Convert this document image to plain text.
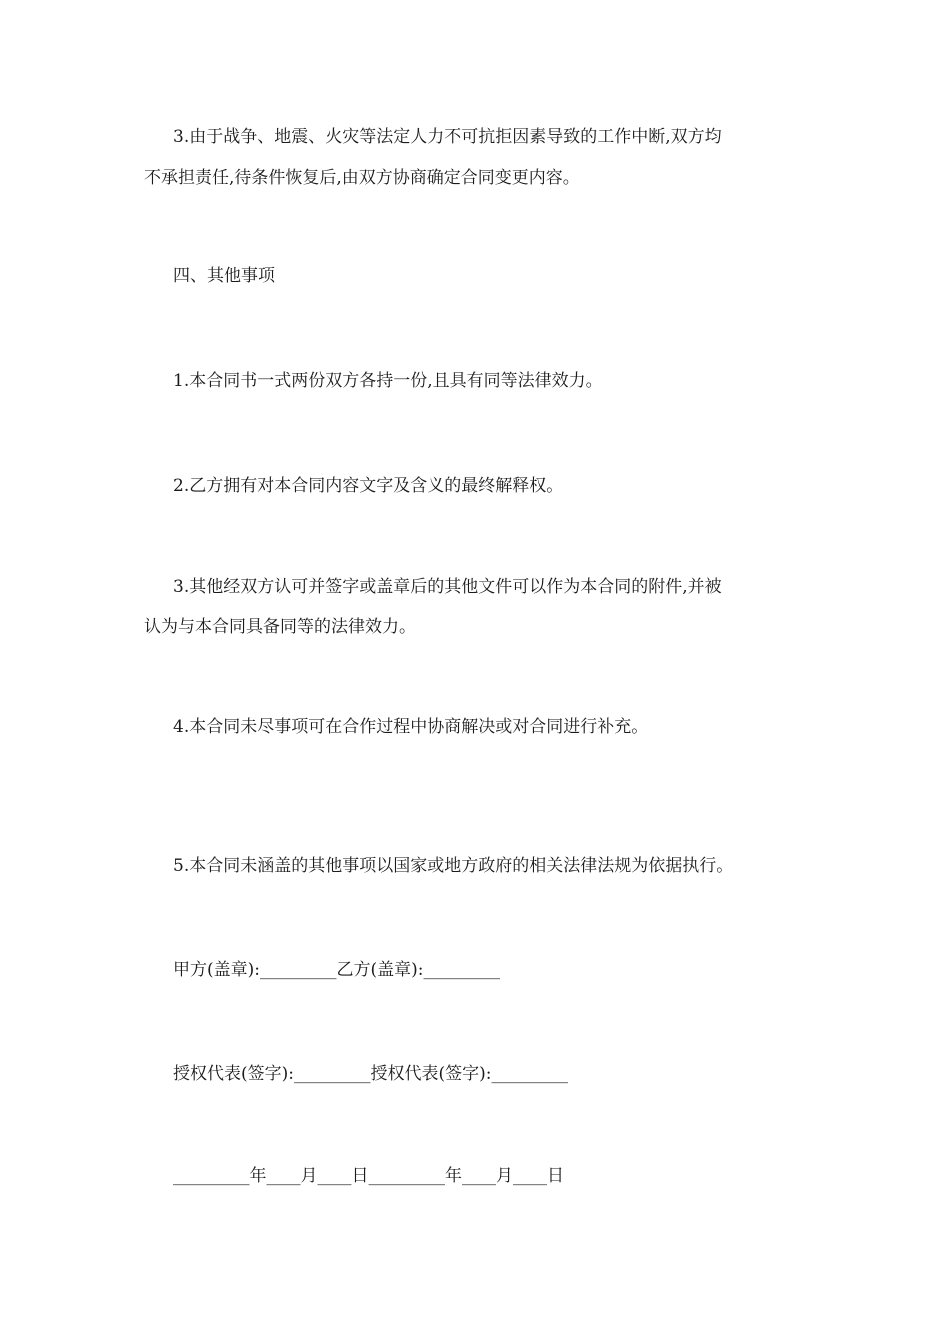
3.由于战争、地震、火灾等法定人力不可抗拒因素导致的工作中断,双方均
不承担责任,待条件恢复后,由双方协商确定合同变更内容。
四、其他事项
1.本合同书一式两份双方各持一份,且具有同等法律效力。
2.乙方拥有对本合同内容文字及含义的最终解释权。
3.其他经双方认可并签字或盖章后的其他文件可以作为本合同的附件,并被
认为与本合同具备同等的法律效力。
4.本合同未尽事项可在合作过程中协商解决或对合同进行补充。
5.本合同未涵盖的其他事项以国家或地方政府的相关法律法规为依据执行。
甲方(盖章):_________乙方(盖章):_________
授权代表(签字):_________授权代表(签字):_________
_________年____月____日_________年____月____日
